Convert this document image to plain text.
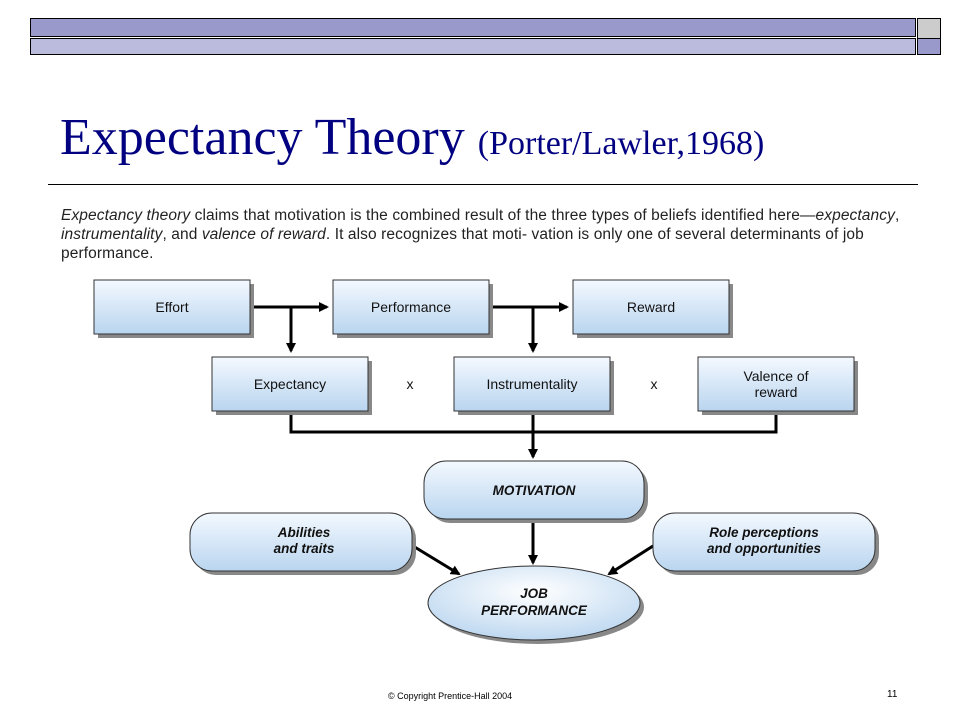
Expectancy Theory (Porter/Lawler,1968)

Expectancy theory claims that motivation is the combined result of the three types of beliefs identified here—expectancy, instrumentality, and valence of reward. It also recognizes that moti- vation is only one of several determinants of job performance.

Effort	Performance	Reward
Expectancy	x	Instrumentality	x	Valence of
reward
MOTIVATION
Abilities
and traits
Role perceptions
and opportunities
JOB
PERFORMANCE
© Copyright Prentice-Hall 2004	11
